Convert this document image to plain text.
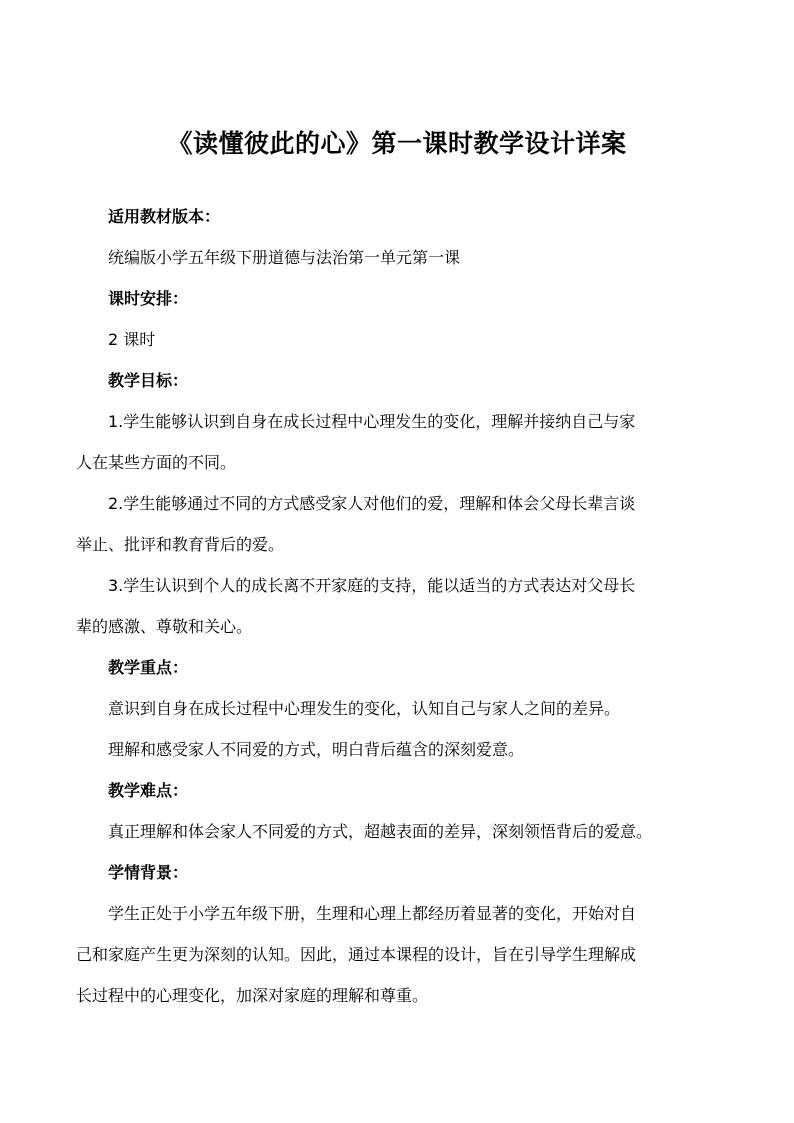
《读懂彼此的心》第一课时教学设计详案
适用教材版本：
统编版小学五年级下册道德与法治第一单元第一课
课时安排：
2 课时
教学目标：

1.学生能够认识到自身在成长过程中心理发生的变化，理解并接纳自己与家

人在某些方面的不同。

2.学生能够通过不同的方式感受家人对他们的爱，理解和体会父母长辈言谈

举止、批评和教育背后的爱。

3.学生认识到个人的成长离不开家庭的支持，能以适当的方式表达对父母长

辈的感激、尊敬和关心。

教学重点：
意识到自身在成长过程中心理发生的变化，认知自己与家人之间的差异。
理解和感受家人不同爱的方式，明白背后蕴含的深刻爱意。
教学难点：
真正理解和体会家人不同爱的方式，超越表面的差异，深刻领悟背后的爱意。
学情背景：

学生正处于小学五年级下册，生理和心理上都经历着显著的变化，开始对自

己和家庭产生更为深刻的认知。因此，通过本课程的设计，旨在引导学生理解成

长过程中的心理变化，加深对家庭的理解和尊重。
